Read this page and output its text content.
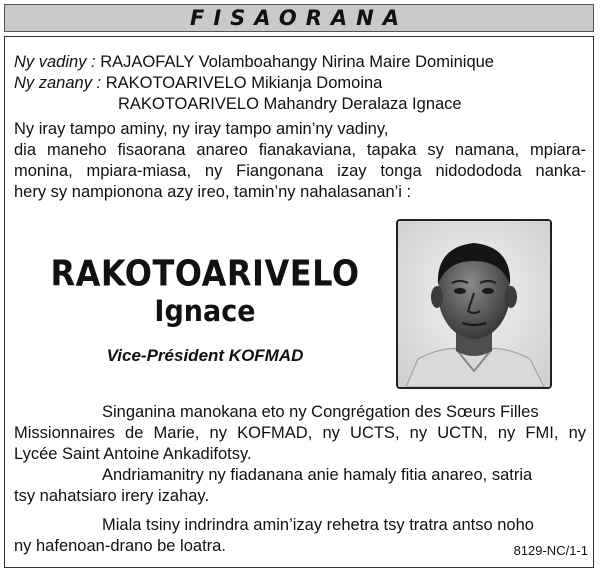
FISAORANA
Ny vadiny : RAJAOFALY Volamboahangy Nirina Maire Dominique
Ny zanany : RAKOTOARIVELO Mikianja Domoina
RAKOTOARIVELO Mahandry Deralaza Ignace
Ny iray tampo aminy, ny iray tampo amin’ny vadiny,
dia maneho fisaorana anareo fianakaviana, tapaka sy namana, mpiara-
monina, mpiara-miasa, ny Fiangonana izay tonga nidodododa nanka-
hery sy nampionona azy ireo, tamin’ny nahalasanan’i :
RAKOTOARIVELO
Ignace
Vice-Président KOFMAD
Singanina manokana eto ny Congrégation des Sœurs Filles
Missionnaires de Marie, ny KOFMAD, ny UCTS, ny UCTN, ny FMI, ny
Lycée Saint Antoine Ankadifotsy.
Andriamanitry ny fiadanana anie hamaly fitia anareo, satria
tsy nahatsiaro irery izahay.
Miala tsiny indrindra amin’izay rehetra tsy tratra antso noho
ny hafenoan-drano be loatra.	8129-NC/1-1
